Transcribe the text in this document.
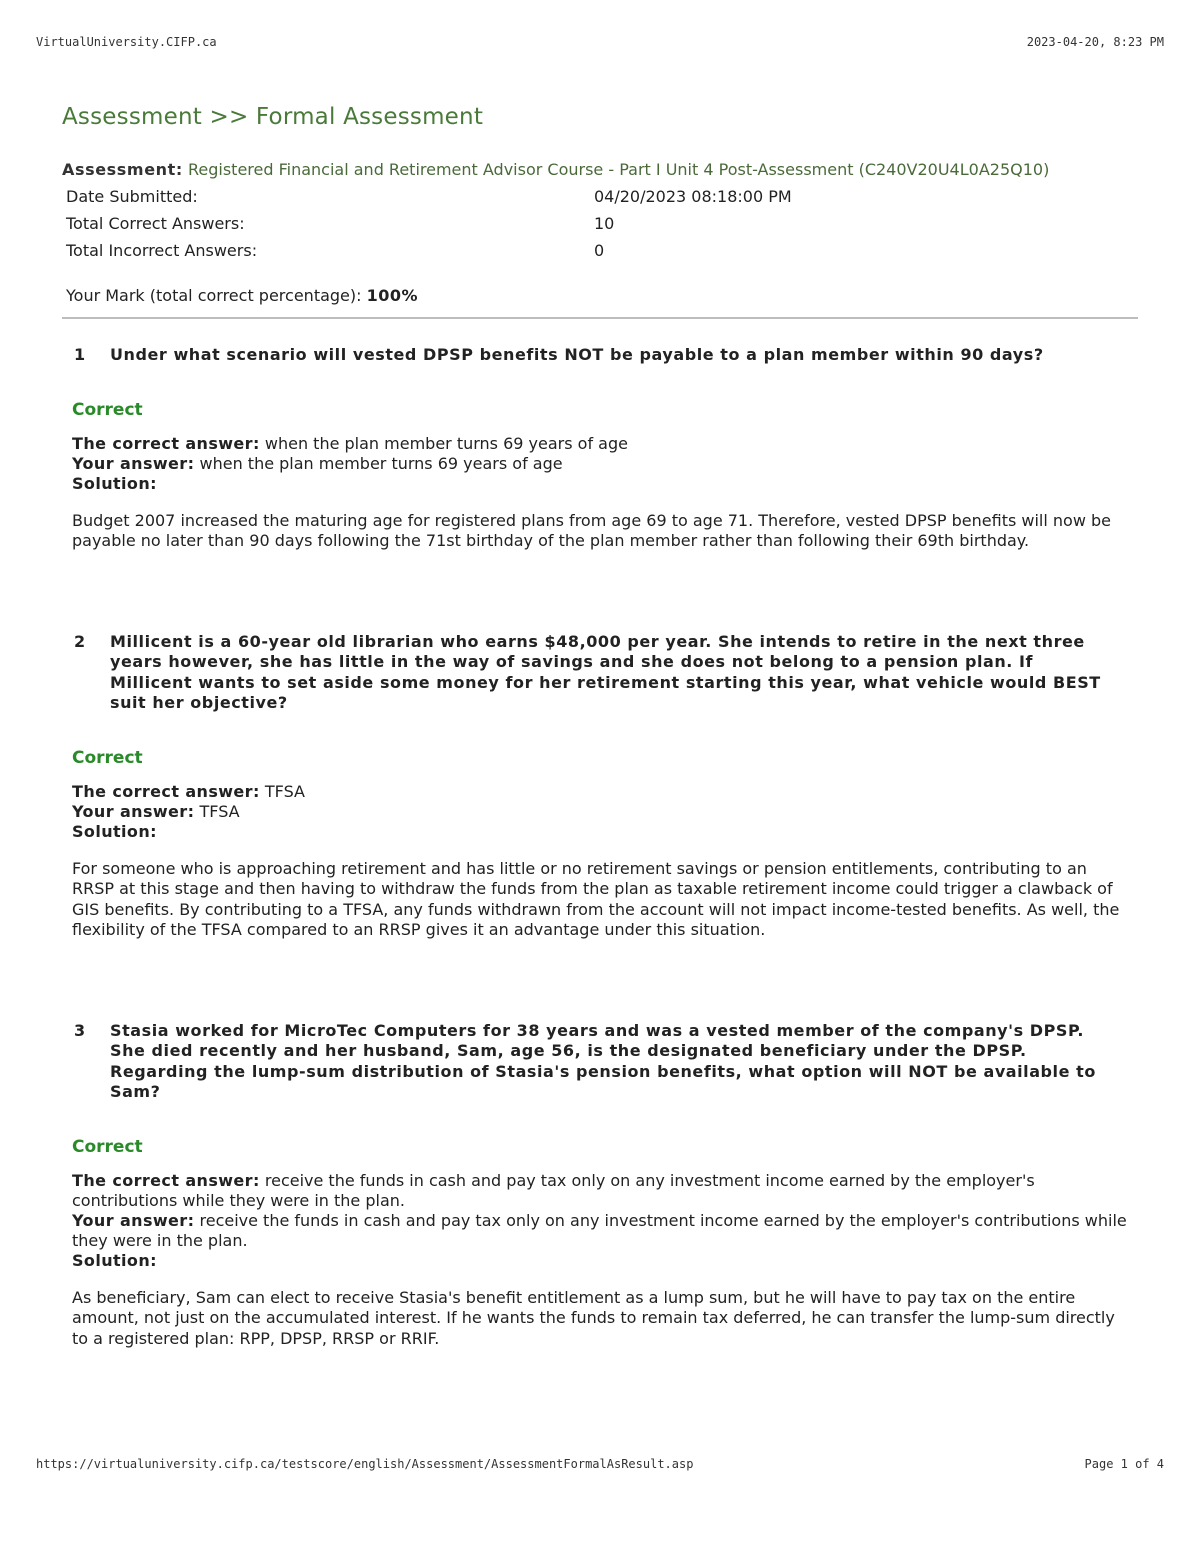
VirtualUniversity.CIFP.ca	2023-04-20, 8:23 PM
Assessment >> Formal Assessment
Assessment: Registered Financial and Retirement Advisor Course - Part I Unit 4 Post-Assessment (C240V20U4L0A25Q10)
Date Submitted:	04/20/2023 08:18:00 PM
Total Correct Answers:	10
Total Incorrect Answers:	0
Your Mark (total correct percentage): 100%
1	Under what scenario will vested DPSP benefits NOT be payable to a plan member within 90 days?
Correct
The correct answer: when the plan member turns 69 years of age
Your answer: when the plan member turns 69 years of age
Solution:
Budget 2007 increased the maturing age for registered plans from age 69 to age 71. Therefore, vested DPSP benefits will now be payable no later than 90 days following the 71st birthday of the plan member rather than following their 69th birthday.
2	Millicent is a 60-year old librarian who earns $48,000 per year. She intends to retire in the next three years however, she has little in the way of savings and she does not belong to a pension plan. If Millicent wants to set aside some money for her retirement starting this year, what vehicle would BEST suit her objective?
Correct
The correct answer: TFSA
Your answer: TFSA
Solution:
For someone who is approaching retirement and has little or no retirement savings or pension entitlements, contributing to an RRSP at this stage and then having to withdraw the funds from the plan as taxable retirement income could trigger a clawback of GIS benefits. By contributing to a TFSA, any funds withdrawn from the account will not impact income-tested benefits. As well, the flexibility of the TFSA compared to an RRSP gives it an advantage under this situation.
3	Stasia worked for MicroTec Computers for 38 years and was a vested member of the company's DPSP. She died recently and her husband, Sam, age 56, is the designated beneficiary under the DPSP. Regarding the lump-sum distribution of Stasia's pension benefits, what option will NOT be available to Sam?
Correct
The correct answer: receive the funds in cash and pay tax only on any investment income earned by the employer's contributions while they were in the plan.
Your answer: receive the funds in cash and pay tax only on any investment income earned by the employer's contributions while they were in the plan.
Solution:
As beneficiary, Sam can elect to receive Stasia's benefit entitlement as a lump sum, but he will have to pay tax on the entire amount, not just on the accumulated interest. If he wants the funds to remain tax deferred, he can transfer the lump-sum directly to a registered plan: RPP, DPSP, RRSP or RRIF.
https://virtualuniversity.cifp.ca/testscore/english/Assessment/AssessmentFormalAsResult.asp	Page 1 of 4
